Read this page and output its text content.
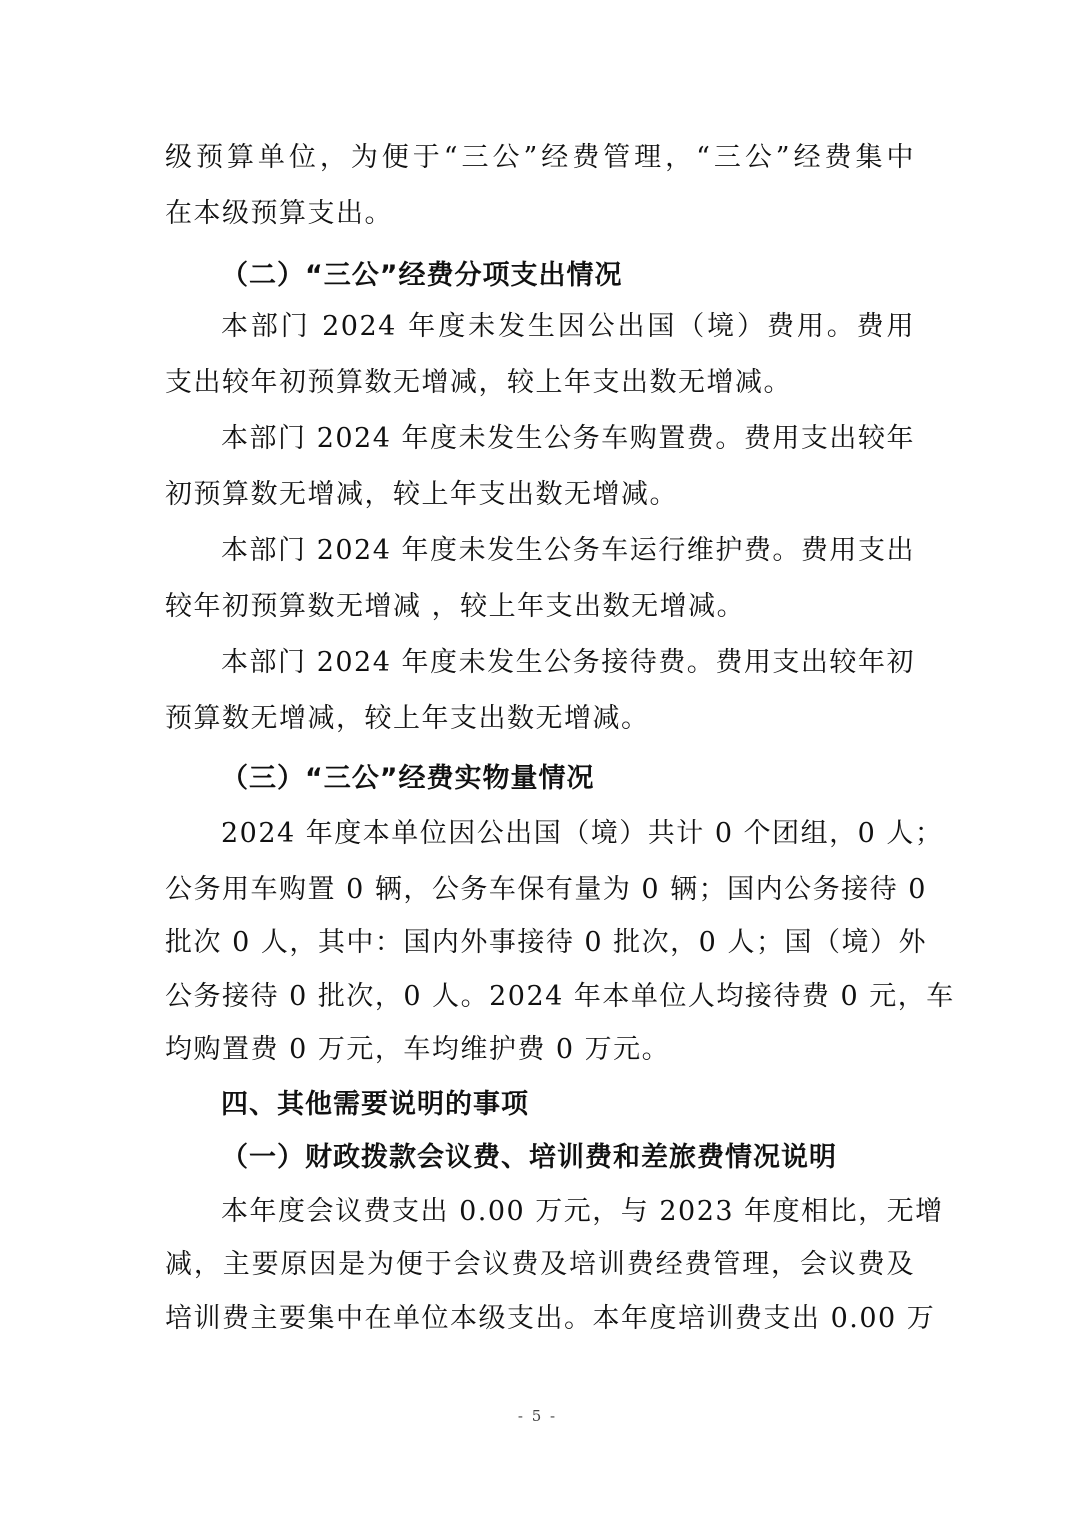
级预算单位，为便于“三公”经费管理，“三公”经费集中
在本级预算支出。
（二）“三公”经费分项支出情况
本部门 2024 年度未发生因公出国（境）费用。费用
支出较年初预算数无增减，较上年支出数无增减。
本部门 2024 年度未发生公务车购置费。费用支出较年
初预算数无增减，较上年支出数无增减。
本部门 2024 年度未发生公务车运行维护费。费用支出
较年初预算数无增减 ，较上年支出数无增减。
本部门 2024 年度未发生公务接待费。费用支出较年初
预算数无增减，较上年支出数无增减。
（三）“三公”经费实物量情况
2024 年度本单位因公出国（境）共计 0 个团组，0 人；
公务用车购置 0 辆，公务车保有量为 0 辆；国内公务接待 0
批次 0 人，其中：国内外事接待 0 批次，0 人；国（境）外
公务接待 0 批次，0 人。2024 年本单位人均接待费 0 元，车
均购置费 0 万元，车均维护费 0 万元。
四、其他需要说明的事项
（一）财政拨款会议费、培训费和差旅费情况说明
本年度会议费支出 0.00 万元，与 2023 年度相比，无增
减，主要原因是为便于会议费及培训费经费管理，会议费及
培训费主要集中在单位本级支出。本年度培训费支出 0.00 万
- 5 -
